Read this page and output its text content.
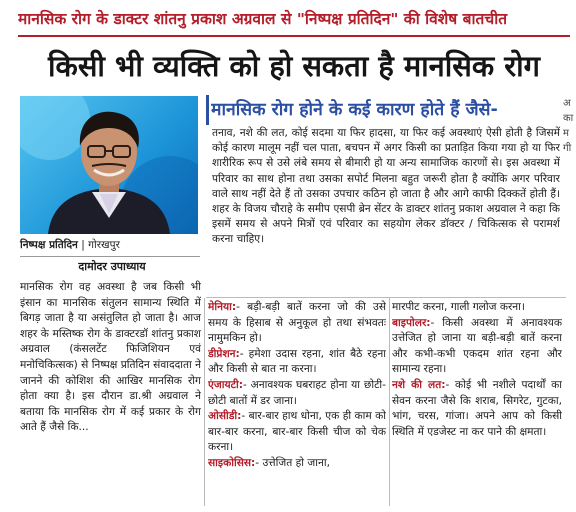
मानसिक रोग के डाक्टर शांतनु प्रकाश अग्रवाल से "निष्पक्ष प्रतिदिन" की विशेष बातचीत
किसी भी व्यक्ति को हो सकता है मानसिक रोग
निष्पक्ष प्रतिदिन | गोरखपुर
मानसिक रोग होने के कई कारण होते हैं जैसे-
तनाव, नशे की लत, कोई सदमा या फिर हादसा, या फिर कई अवस्थाएं ऐसी होती है जिसमें कोई कारण मालूम नहीं चल पाता, बचपन में अगर किसी का प्रताड़ित किया गया हो या फिर शारीरिक रूप से उसे लंबे समय से बीमारी हो या अन्य सामाजिक कारणों से। इस अवस्था में परिवार का साथ होना तथा उसका सपोर्ट मिलना बहुत जरूरी होता है क्योंकि अगर परिवार वाले साथ नहीं देते हैं तो उसका उपचार कठिन हो जाता है और आगे काफी दिक्कतें होती हैं। शहर के विजय चौराहे के समीप एसपी ब्रेन सेंटर के डाक्टर शांतनु प्रकाश अग्रवाल ने कहा कि इसमें समय से अपने मित्रों एवं परिवार का सहयोग लेकर डॉक्टर / चिकित्सक से परामर्श करना चाहिए।
दामोदर उपाध्याय
मानसिक रोग वह अवस्था है जब किसी भी इंसान का मानसिक संतुलन सामान्य स्थिति में बिगड़ जाता है या असंतुलित हो जाता है। आज शहर के मस्तिष्क रोग के डाक्टरडॉ शांतनु प्रकाश अग्रवाल (कंसलटेंट फिजिशियन एवं मनोचिकित्सक) से निष्पक्ष प्रतिदिन संवाददाता ने जानने की कोशिश की आखिर मानसिक रोग होता क्या है। इस दौरान डा.श्री अग्रवाल ने बताया कि मानसिक रोग में कई प्रकार के रोग आते हैं जैसे कि...

मेनिया:- बड़ी-बड़ी बातें करना जो की उसे समय के हिसाब से अनुकूल हो तथा संभवतः नामुमकिन हो।

डीप्रेशन:- हमेशा उदास रहना, शांत बैठे रहना और किसी से बात ना करना।

एंजायटी:- अनावश्यक घबराहट होना या छोटी-छोटी बातों में डर जाना।

ओसीडी:- बार-बार हाथ धोना, एक ही काम को बार-बार करना, बार-बार किसी चीज को चेक करना।

साइकोसिस:- उत्तेजित हो जाना,

मारपीट करना, गाली गलोज करना।

बाइपोलर:- किसी अवस्था में अनावश्यक उत्तेजित हो जाना या बड़ी-बड़ी बातें करना और कभी-कभी एकदम शांत रहना और सामान्य रहना।

नशे की लत:- कोई भी नशीले पदार्थों का सेवन करना जैसे कि शराब, सिगरेट, गुटका, भांग, चरस, गांजा। अपने आप को किसी स्थिति में एडजेस्ट ना कर पाने की क्षमता।

अ का म गी
